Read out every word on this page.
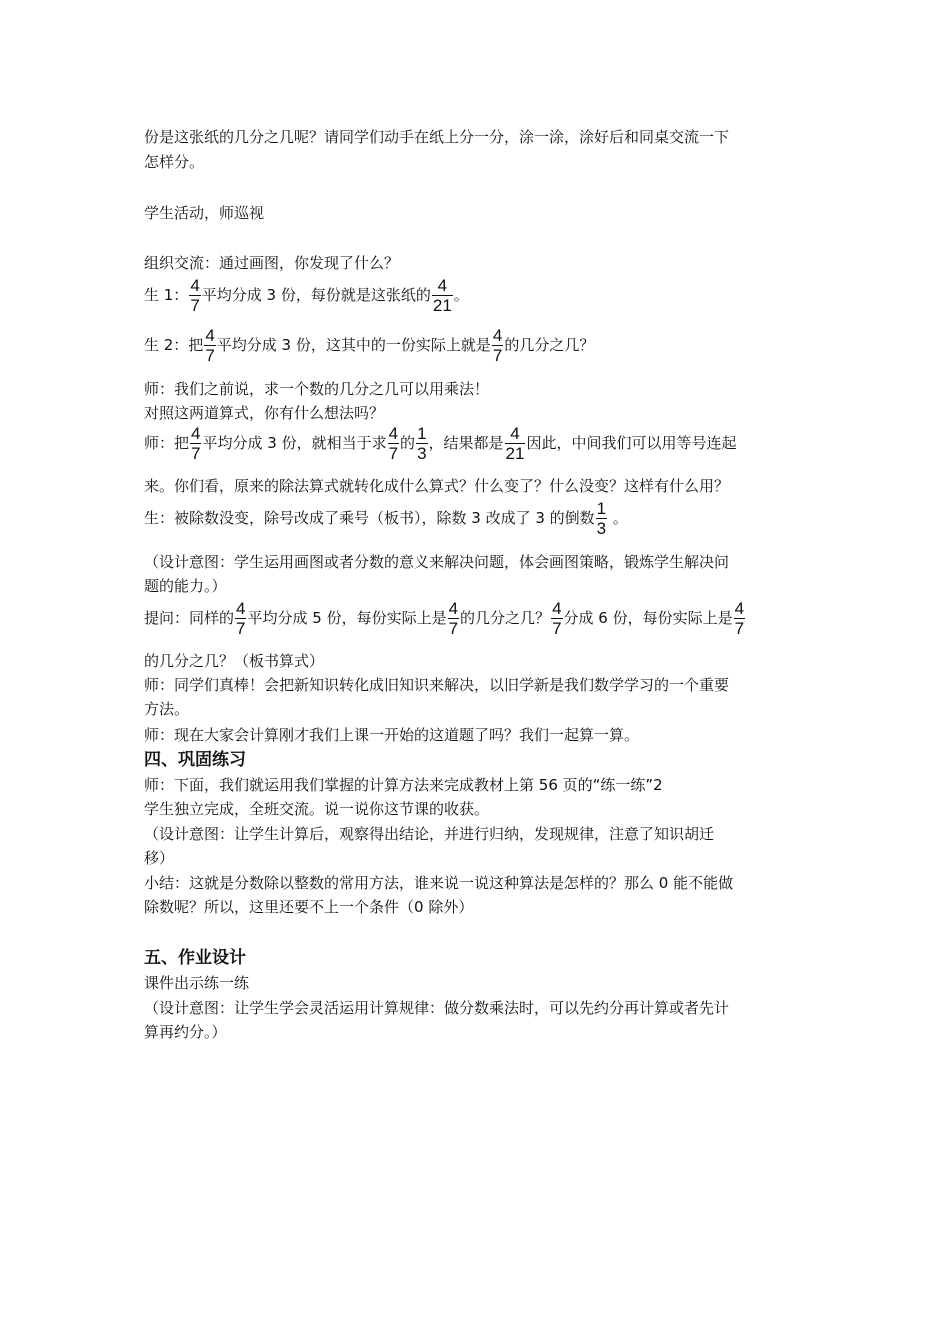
份是这张纸的几分之几呢？请同学们动手在纸上分一分，涂一涂，涂好后和同桌交流一下
怎样分。
学生活动，师巡视
组织交流：通过画图，你发现了什么？
生 1： $\frac{4}{7}$ 平均分成 3 份，每份就是这张纸的 $\frac{4}{21}$ 。
生 2：把 $\frac{4}{7}$ 平均分成 3 份，这其中的一份实际上就是 $\frac{4}{7}$ 的几分之几？
师：我们之前说，求一个数的几分之几可以用乘法！
对照这两道算式，你有什么想法吗？
师：把 $\frac{4}{7}$ 平均分成 3 份，就相当于求 $\frac{4}{7}$ 的 $\frac{1}{3}$ ，结果都是 $\frac{4}{21}$ 因此，中间我们可以用等号连起
来。你们看，原来的除法算式就转化成什么算式？什么变了？什么没变？这样有什么用？
生：被除数没变，除号改成了乘号（板书），除数 3 改成了 3 的倒数 $\frac{1}{3}$ 。
（设计意图：学生运用画图或者分数的意义来解决问题，体会画图策略，锻炼学生解决问
题的能力。）
提问：同样的 $\frac{4}{7}$ 平均分成 5 份，每份实际上是 $\frac{4}{7}$ 的几分之几？ $\frac{4}{7}$ 分成 6 份，每份实际上是 $\frac{4}{7}$
的几分之几？（板书算式）
师：同学们真棒！会把新知识转化成旧知识来解决，以旧学新是我们数学学习的一个重要
方法。
师：现在大家会计算刚才我们上课一开始的这道题了吗？我们一起算一算。
四、巩固练习
师：下面，我们就运用我们掌握的计算方法来完成教材上第 56 页的“练一练”2
学生独立完成，全班交流。说一说你这节课的收获。
（设计意图：让学生计算后，观察得出结论，并进行归纳，发现规律，注意了知识胡迁
移）
小结：这就是分数除以整数的常用方法，谁来说一说这种算法是怎样的？那么 0 能不能做
除数呢？所以，这里还要不上一个条件（0 除外）
五、作业设计
课件出示练一练
（设计意图：让学生学会灵活运用计算规律：做分数乘法时，可以先约分再计算或者先计
算再约分。）
